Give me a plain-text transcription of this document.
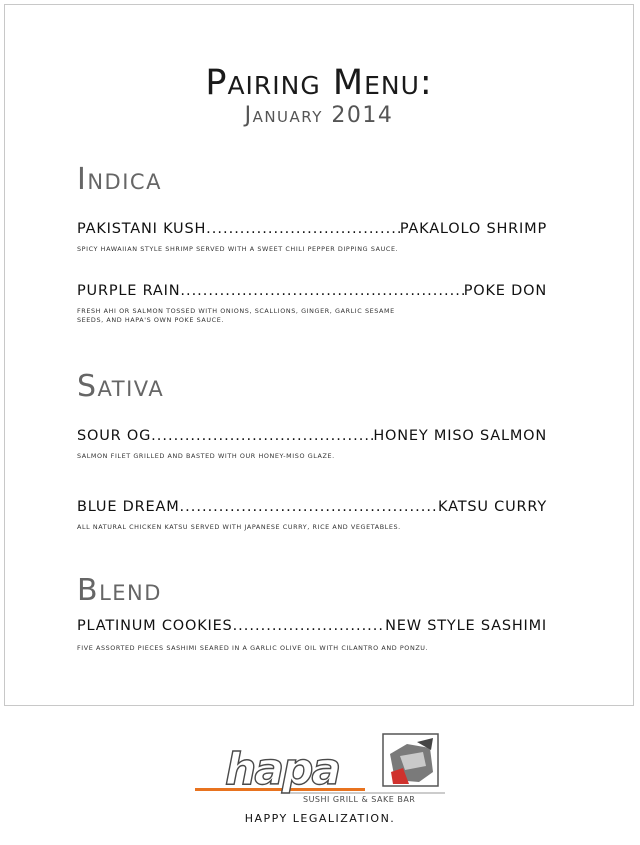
Pairing Menu:
January 2014
Indica
PAKISTANI KUSH .....	PAKALOLO SHRIMP
SPICY HAWAIIAN STYLE SHRIMP SERVED WITH A SWEET CHILI PEPPER DIPPING SAUCE.
PURPLE RAIN .....	POKE DON
FRESH AHI OR SALMON TOSSED WITH ONIONS, SCALLIONS, GINGER, GARLIC SESAME
SEEDS, AND HAPA'S OWN POKE SAUCE.
Sativa
SOUR OG .....	HONEY MISO SALMON
SALMON FILET GRILLED AND BASTED WITH OUR HONEY-MISO GLAZE.
BLUE DREAM .....	KATSU CURRY
ALL NATURAL CHICKEN KATSU SERVED WITH JAPANESE CURRY, RICE AND VEGETABLES.
Blend
PLATINUM COOKIES .....	NEW STYLE SASHIMI
FIVE ASSORTED PIECES SASHIMI SEARED IN A GARLIC OLIVE OIL WITH CILANTRO AND PONZU.
hapa
SUSHI GRILL & SAKE BAR
HAPPY LEGALIZATION.
